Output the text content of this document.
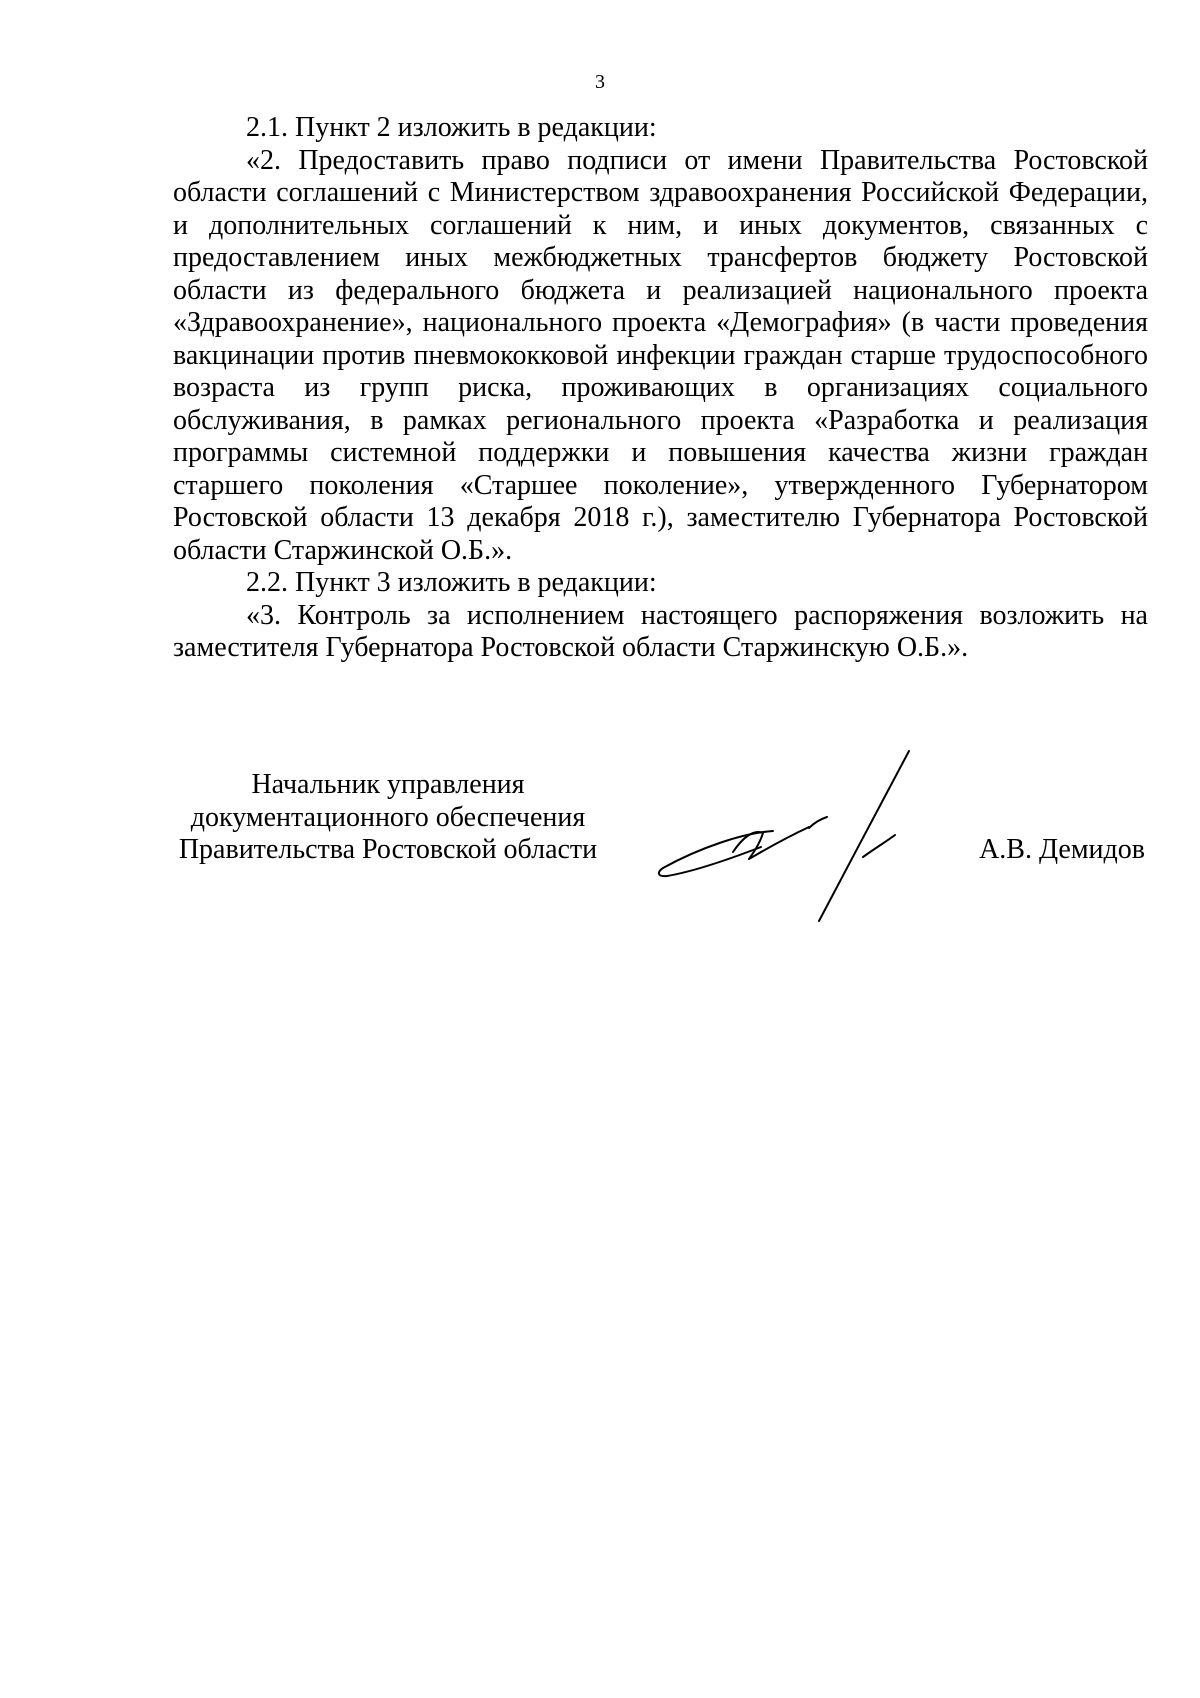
3

2.1. Пункт 2 изложить в редакции:

«2. Предоставить право подписи от имени Правительства Ростовской области соглашений с Министерством здравоохранения Российской Федерации, и дополнительных соглашений к ним, и иных документов, связанных с предоставлением иных межбюджетных трансфертов бюджету Ростовской области из федерального бюджета и реализацией национального проекта «Здравоохранение», национального проекта «Демография» (в части проведения вакцинации против пневмококковой инфекции граждан старше трудоспособного возраста из групп риска, проживающих в организациях социального обслуживания, в рамках регионального проекта «Разработка и реализация программы системной поддержки и повышения качества жизни граждан старшего поколения «Старшее поколение», утвержденного Губернатором Ростовской области 13 декабря 2018 г.), заместителю Губернатора Ростовской области Старжинской О.Б.».

2.2. Пункт 3 изложить в редакции:

«3. Контроль за исполнением настоящего распоряжения возложить на заместителя Губернатора Ростовской области Старжинскую О.Б.».

Начальник управления
документационного обеспечения
Правительства Ростовской области	А.В. Демидов
